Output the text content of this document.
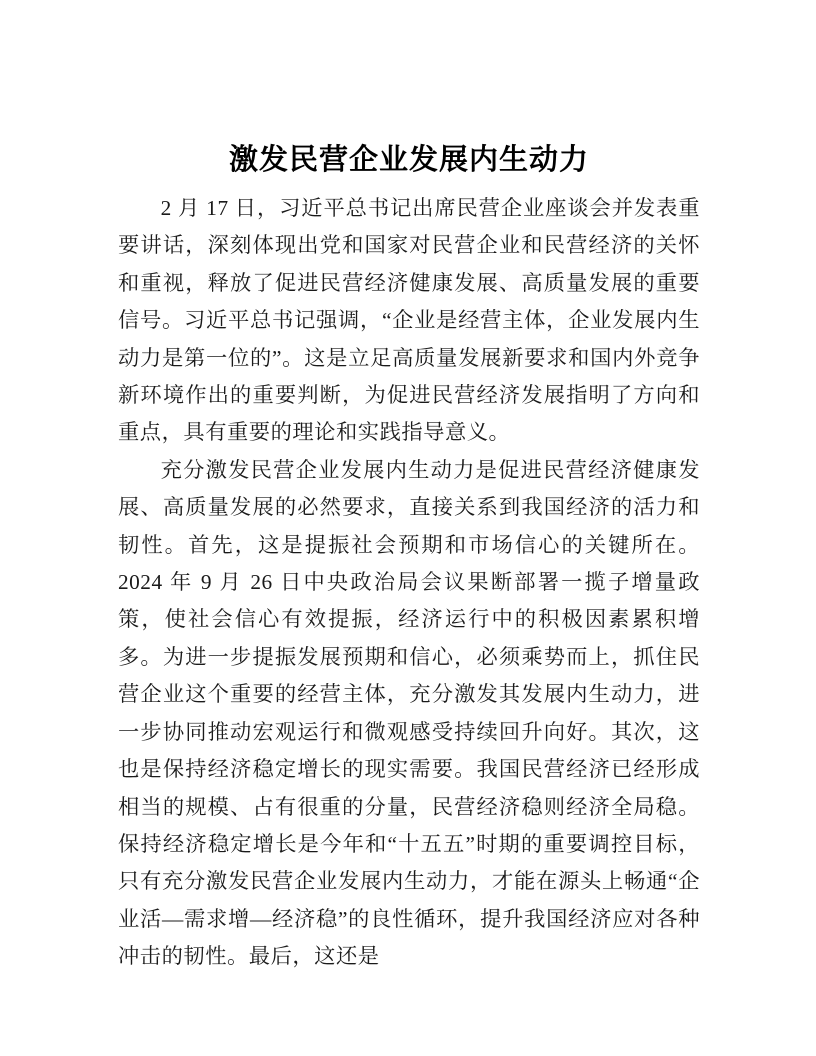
激发民营企业发展内生动力

2 月 17 日，习近平总书记出席民营企业座谈会并发表重要讲话，深刻体现出党和国家对民营企业和民营经济的关怀和重视，释放了促进民营经济健康发展、高质量发展的重要信号。习近平总书记强调，“企业是经营主体，企业发展内生动力是第一位的”。这是立足高质量发展新要求和国内外竞争新环境作出的重要判断，为促进民营经济发展指明了方向和重点，具有重要的理论和实践指导意义。

充分激发民营企业发展内生动力是促进民营经济健康发展、高质量发展的必然要求，直接关系到我国经济的活力和韧性。首先，这是提振社会预期和市场信心的关键所在。2024 年 9 月 26 日中央政治局会议果断部署一揽子增量政策，使社会信心有效提振，经济运行中的积极因素累积增多。为进一步提振发展预期和信心，必须乘势而上，抓住民营企业这个重要的经营主体，充分激发其发展内生动力，进一步协同推动宏观运行和微观感受持续回升向好。其次，这也是保持经济稳定增长的现实需要。我国民营经济已经形成相当的规模、占有很重的分量，民营经济稳则经济全局稳。保持经济稳定增长是今年和“十五五”时期的重要调控目标，只有充分激发民营企业发展内生动力，才能在源头上畅通“企业活—需求增—经济稳”的良性循环，提升我国经济应对各种冲击的韧性。最后，这还是
